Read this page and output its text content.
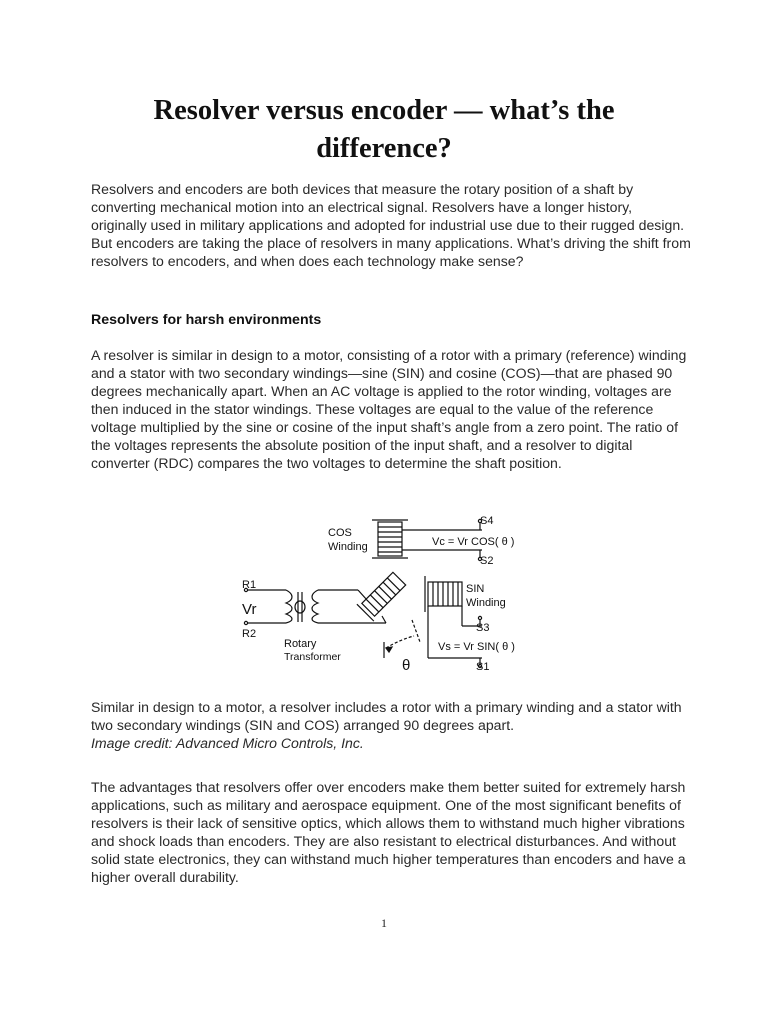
Resolver versus encoder — what’s the difference?

Resolvers and encoders are both devices that measure the rotary position of a shaft by converting mechanical motion into an electrical signal. Resolvers have a longer history, originally used in military applications and adopted for industrial use due to their rugged design. But encoders are taking the place of resolvers in many applications. What’s driving the shift from resolvers to encoders, and when does each technology make sense?

Resolvers for harsh environments

A resolver is similar in design to a motor, consisting of a rotor with a primary (reference) winding and a stator with two secondary windings—sine (SIN) and cosine (COS)—that are phased 90 degrees mechanically apart. When an AC voltage is applied to the rotor winding, voltages are then induced in the stator windings. These voltages are equal to the value of the reference voltage multiplied by the sine or cosine of the input shaft’s angle from a zero point. The ratio of the voltages represents the absolute position of the input shaft, and a resolver to digital converter (RDC) compares the two voltages to determine the shaft position.

S4
COS
Winding	Vc = Vr COS( θ )
S2
R1
Vr
R2
SIN
Winding
S3
Vs = Vr SIN( θ )
S1
Rotary
Transformer	θ

Similar in design to a motor, a resolver includes a rotor with a primary winding and a stator with two secondary windings (SIN and COS) arranged 90 degrees apart.
Image credit: Advanced Micro Controls, Inc.

The advantages that resolvers offer over encoders make them better suited for extremely harsh applications, such as military and aerospace equipment. One of the most significant benefits of resolvers is their lack of sensitive optics, which allows them to withstand much higher vibrations and shock loads than encoders. They are also resistant to electrical disturbances. And without solid state electronics, they can withstand much higher temperatures than encoders and have a higher overall durability.

1
